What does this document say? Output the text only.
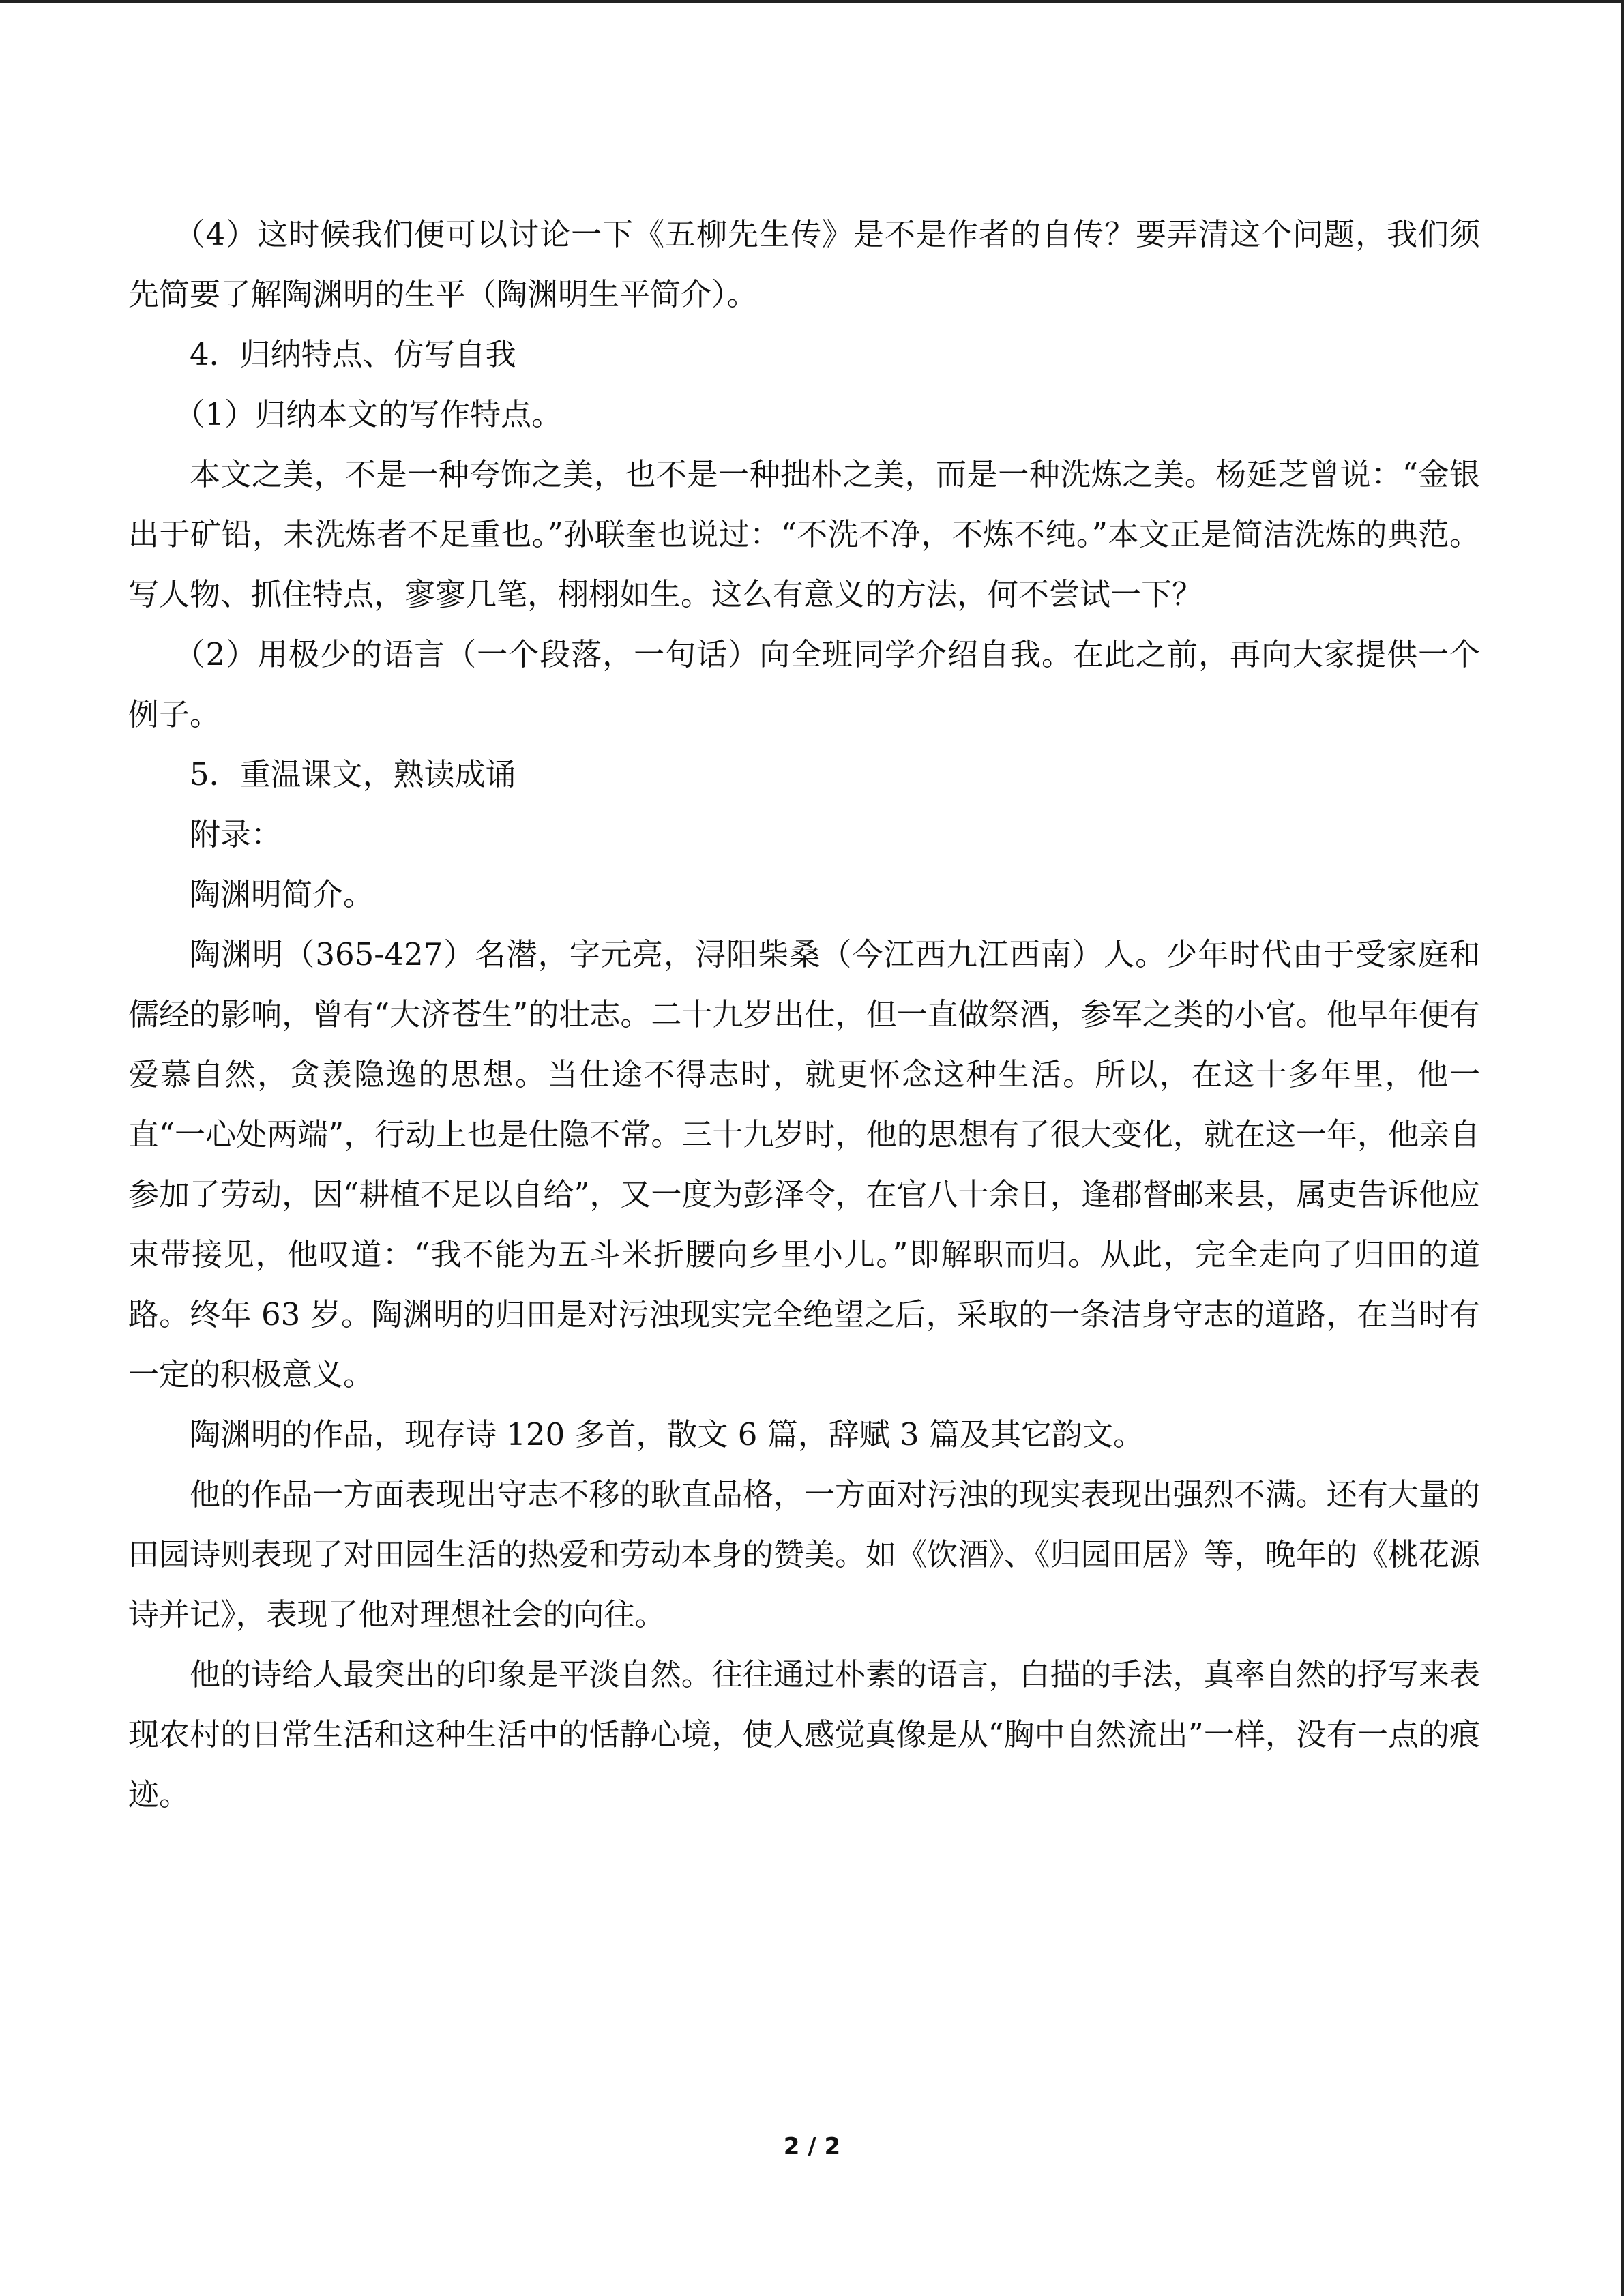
（4）这时候我们便可以讨论一下《五柳先生传》是不是作者的自传？要弄清这个问题，我们须先简要了解陶渊明的生平（陶渊明生平简介）。

4．归纳特点、仿写自我

（1）归纳本文的写作特点。

本文之美，不是一种夸饰之美，也不是一种拙朴之美，而是一种洗炼之美。杨延芝曾说：“金银出于矿铅，未洗炼者不足重也。”孙联奎也说过：“不洗不净，不炼不纯。”本文正是简洁洗炼的典范。写人物、抓住特点，寥寥几笔，栩栩如生。这么有意义的方法，何不尝试一下？

（2）用极少的语言（一个段落，一句话）向全班同学介绍自我。在此之前，再向大家提供一个例子。

5．重温课文，熟读成诵

附录：

陶渊明简介。

陶渊明（365-427）名潜，字元亮，浔阳柴桑（今江西九江西南）人。少年时代由于受家庭和儒经的影响，曾有“大济苍生”的壮志。二十九岁出仕，但一直做祭酒，参军之类的小官。他早年便有爱慕自然，贪羡隐逸的思想。当仕途不得志时，就更怀念这种生活。所以，在这十多年里，他一直“一心处两端”，行动上也是仕隐不常。三十九岁时，他的思想有了很大变化，就在这一年，他亲自参加了劳动，因“耕植不足以自给”，又一度为彭泽令，在官八十余日，逢郡督邮来县，属吏告诉他应束带接见，他叹道：“我不能为五斗米折腰向乡里小儿。”即解职而归。从此，完全走向了归田的道路。终年 63 岁。陶渊明的归田是对污浊现实完全绝望之后，采取的一条洁身守志的道路，在当时有一定的积极意义。

陶渊明的作品，现存诗 120 多首，散文 6 篇，辞赋 3 篇及其它韵文。

他的作品一方面表现出守志不移的耿直品格，一方面对污浊的现实表现出强烈不满。还有大量的田园诗则表现了对田园生活的热爱和劳动本身的赞美。如《饮酒》、《归园田居》等，晚年的《桃花源诗并记》，表现了他对理想社会的向往。

他的诗给人最突出的印象是平淡自然。往往通过朴素的语言，白描的手法，真率自然的抒写来表现农村的日常生活和这种生活中的恬静心境，使人感觉真像是从“胸中自然流出”一样，没有一点的痕迹。

2 / 2
